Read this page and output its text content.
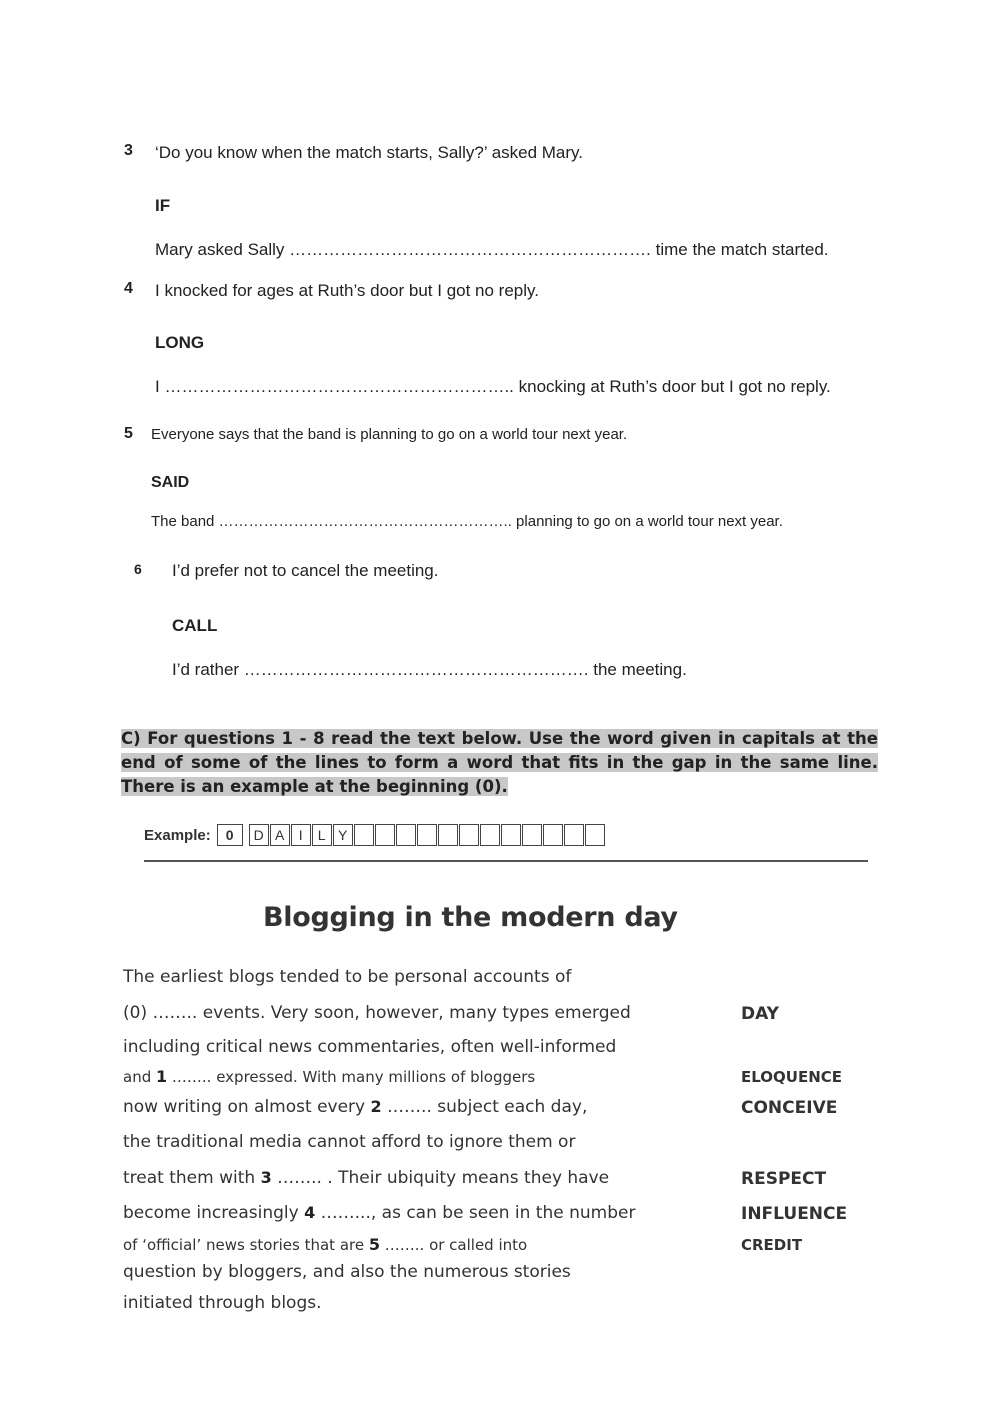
3 ‘Do you know when the match starts, Sally?’ asked Mary.
IF
Mary asked Sally ………………………………………………………. time the match started.
4 I knocked for ages at Ruth’s door but I got no reply.
LONG
I …………………………………………………….. knocking at Ruth’s door but I got no reply.
5 Everyone says that the band is planning to go on a world tour next year.
SAID
The band ………………………………………………….. planning to go on a world tour next year.
6 I’d prefer not to cancel the meeting.
CALL
I’d rather ……………………………………………………. the meeting.
C) For questions 1 - 8 read the text below. Use the word given in capitals at the end of some of the lines to form a word that fits in the gap in the same line. There is an example at the beginning (0).
Example:	0	D A	I	L Y
Blogging in the modern day
The earliest blogs tended to be personal accounts of
(0) …….. events. Very soon, however, many types emerged	DAY
including critical news commentaries, often well-informed
and 1 …….. expressed. With many millions of bloggers	ELOQUENCE
now writing on almost every 2 …….. subject each day,	CONCEIVE
the traditional media cannot afford to ignore them or
treat them with 3 …….. . Their ubiquity means they have	RESPECT
become increasingly 4 ……..., as can be seen in the number	INFLUENCE
of ‘official’ news stories that are 5 …….. or called into	CREDIT
question by bloggers, and also the numerous stories
initiated through blogs.
